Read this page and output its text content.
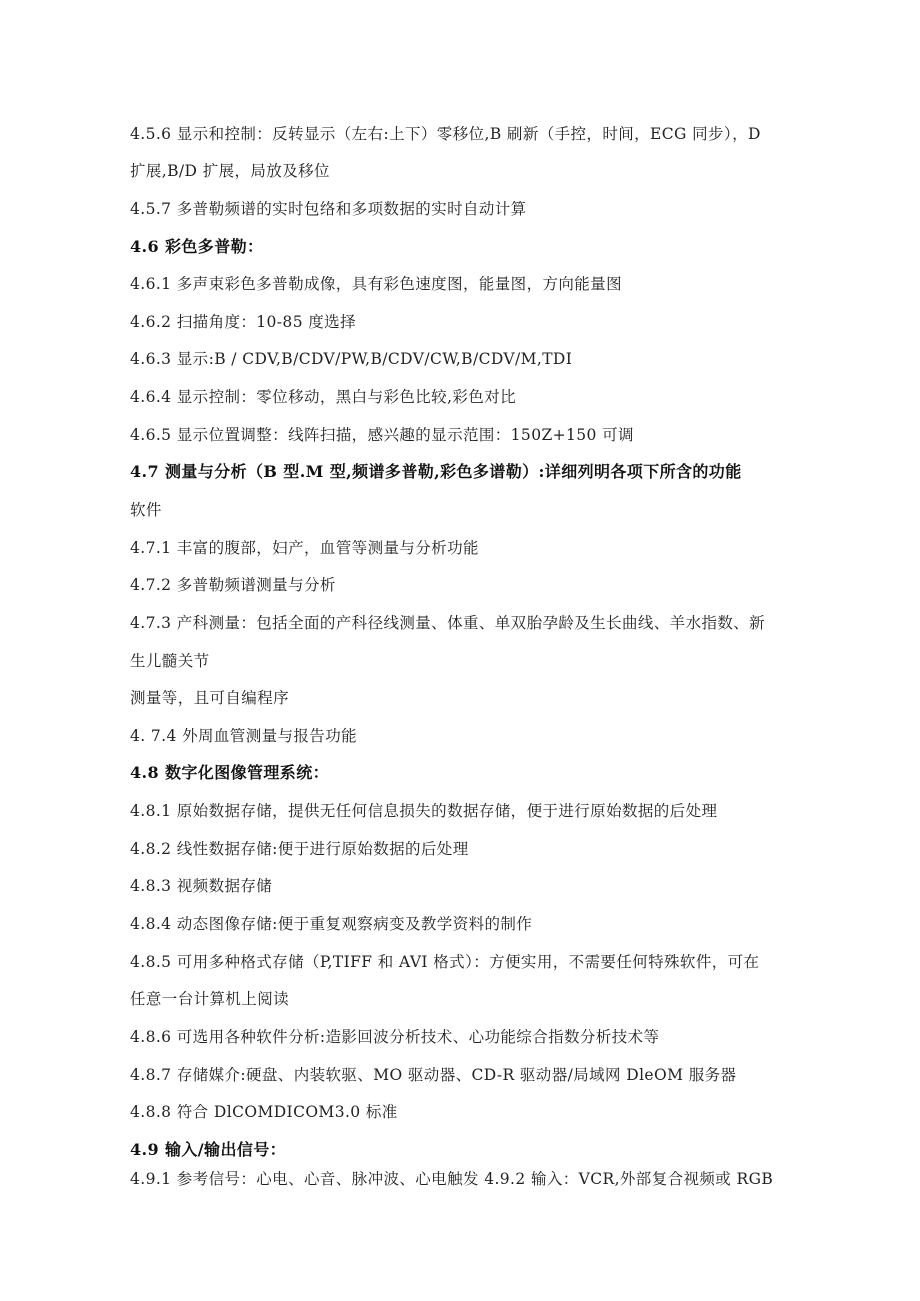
4.5.6 显示和控制：反转显示（左右:上下）零移位,B 刷新（手控，时间，ECG 同步），D
扩展,B/D 扩展，局放及移位
4.5.7 多普勒频谱的实时包络和多项数据的实时自动计算
4.6 彩色多普勒：
4.6.1 多声束彩色多普勒成像，具有彩色速度图，能量图，方向能量图
4.6.2 扫描角度：10-85 度选择
4.6.3 显示:B / CDV,B/CDV/PW,B/CDV/CW,B/CDV/M,TDI
4.6.4 显示控制：零位移动，黑白与彩色比较,彩色对比
4.6.5 显示位置调整：线阵扫描，感兴趣的显示范围：150Z+150 可调
4.7 测量与分析（B 型.M 型,频谱多普勒,彩色多谱勒）:详细列明各项下所含的功能
软件
4.7.1 丰富的腹部，妇产，血管等测量与分析功能
4.7.2 多普勒频谱测量与分析
4.7.3 产科测量：包括全面的产科径线测量、体重、单双胎孕龄及生长曲线、羊水指数、新
生儿髓关节
测量等，且可自编程序
4. 7.4 外周血管测量与报告功能
4.8 数字化图像管理系统：
4.8.1 原始数据存储，提供无任何信息损失的数据存储，便于进行原始数据的后处理
4.8.2 线性数据存储:便于进行原始数据的后处理
4.8.3 视频数据存储
4.8.4 动态图像存储:便于重复观察病变及教学资料的制作
4.8.5 可用多种格式存储（P,TIFF 和 AVI 格式）：方便实用，不需要任何特殊软件，可在
任意一台计算机上阅读
4.8.6 可选用各种软件分析:造影回波分析技术、心功能综合指数分析技术等
4.8.7 存储媒介:硬盘、内装软驱、MO 驱动器、CD-R 驱动器/局域网 DleOM 服务器
4.8.8 符合 DlCOMDICOM3.0 标准
4.9 输入/输出信号：
4.9.1 参考信号：心电、心音、脉冲波、心电触发 4.9.2 输入：VCR,外部复合视频或 RGB
